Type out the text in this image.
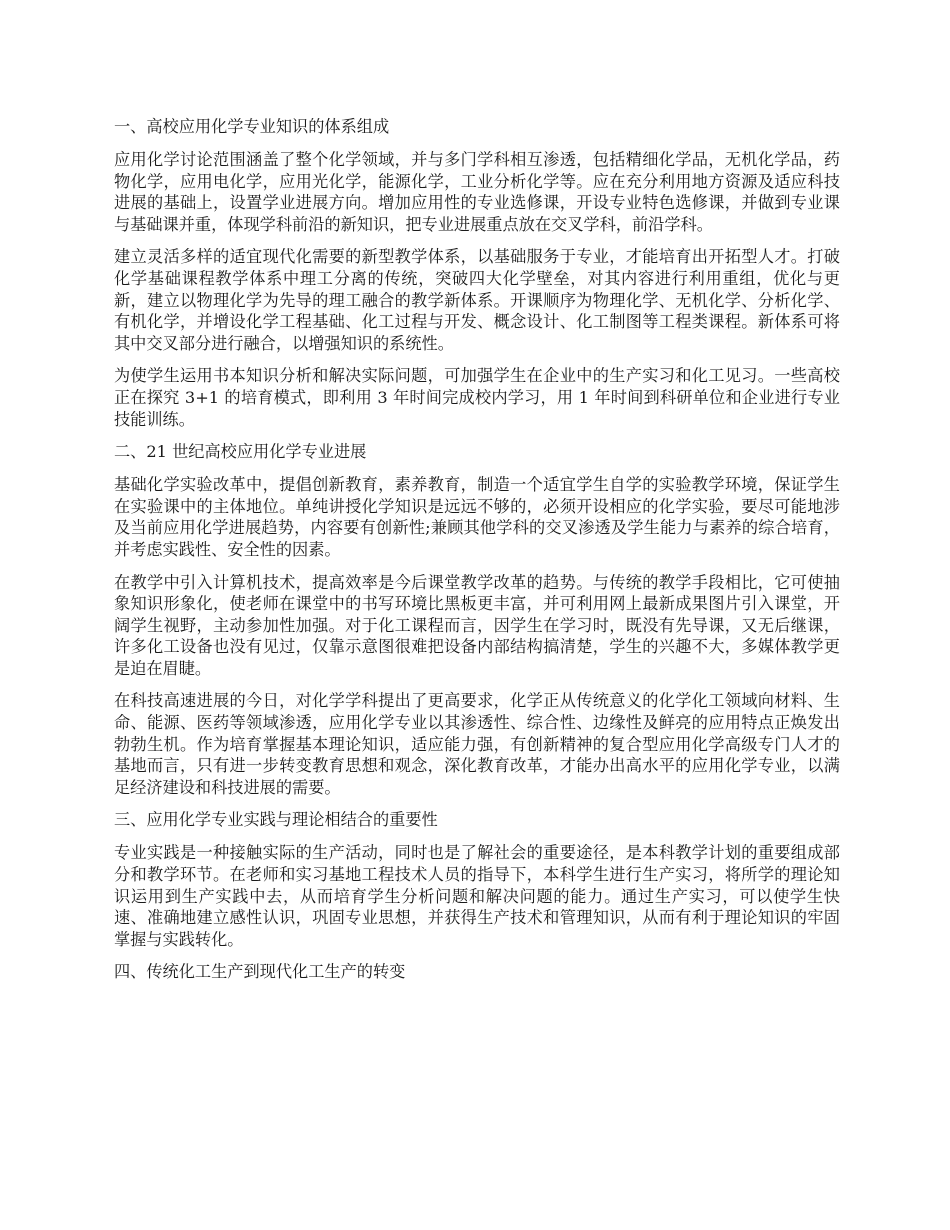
一、高校应用化学专业知识的体系组成

应用化学讨论范围涵盖了整个化学领域，并与多门学科相互渗透，包括精细化学品，无机化学品，药物化学，应用电化学，应用光化学，能源化学，工业分析化学等。应在充分利用地方资源及适应科技进展的基础上，设置学业进展方向。增加应用性的专业选修课，开设专业特色选修课，并做到专业课与基础课并重，体现学科前沿的新知识，把专业进展重点放在交叉学科，前沿学科。

建立灵活多样的适宜现代化需要的新型教学体系，以基础服务于专业，才能培育出开拓型人才。打破化学基础课程教学体系中理工分离的传统，突破四大化学壁垒，对其内容进行利用重组，优化与更新，建立以物理化学为先导的理工融合的教学新体系。开课顺序为物理化学、无机化学、分析化学、有机化学，并增设化学工程基础、化工过程与开发、概念设计、化工制图等工程类课程。新体系可将其中交叉部分进行融合，以增强知识的系统性。

为使学生运用书本知识分析和解决实际问题，可加强学生在企业中的生产实习和化工见习。一些高校正在探究 3+1 的培育模式，即利用 3 年时间完成校内学习，用 1 年时间到科研单位和企业进行专业技能训练。

二、21 世纪高校应用化学专业进展

基础化学实验改革中，提倡创新教育，素养教育，制造一个适宜学生自学的实验教学环境，保证学生在实验课中的主体地位。单纯讲授化学知识是远远不够的，必须开设相应的化学实验，要尽可能地涉及当前应用化学进展趋势，内容要有创新性;兼顾其他学科的交叉渗透及学生能力与素养的综合培育，并考虑实践性、安全性的因素。

在教学中引入计算机技术，提高效率是今后课堂教学改革的趋势。与传统的教学手段相比，它可使抽象知识形象化，使老师在课堂中的书写环境比黑板更丰富，并可利用网上最新成果图片引入课堂，开阔学生视野，主动参加性加强。对于化工课程而言，因学生在学习时，既没有先导课，又无后继课，许多化工设备也没有见过，仅靠示意图很难把设备内部结构搞清楚，学生的兴趣不大，多媒体教学更是迫在眉睫。

在科技高速进展的今日，对化学学科提出了更高要求，化学正从传统意义的化学化工领域向材料、生命、能源、医药等领域渗透，应用化学专业以其渗透性、综合性、边缘性及鲜亮的应用特点正焕发出勃勃生机。作为培育掌握基本理论知识，适应能力强，有创新精神的复合型应用化学高级专门人才的基地而言，只有进一步转变教育思想和观念，深化教育改革，才能办出高水平的应用化学专业，以满足经济建设和科技进展的需要。

三、应用化学专业实践与理论相结合的重要性

专业实践是一种接触实际的生产活动，同时也是了解社会的重要途径，是本科教学计划的重要组成部分和教学环节。在老师和实习基地工程技术人员的指导下，本科学生进行生产实习，将所学的理论知识运用到生产实践中去，从而培育学生分析问题和解决问题的能力。通过生产实习，可以使学生快速、准确地建立感性认识，巩固专业思想，并获得生产技术和管理知识，从而有利于理论知识的牢固掌握与实践转化。

四、传统化工生产到现代化工生产的转变
